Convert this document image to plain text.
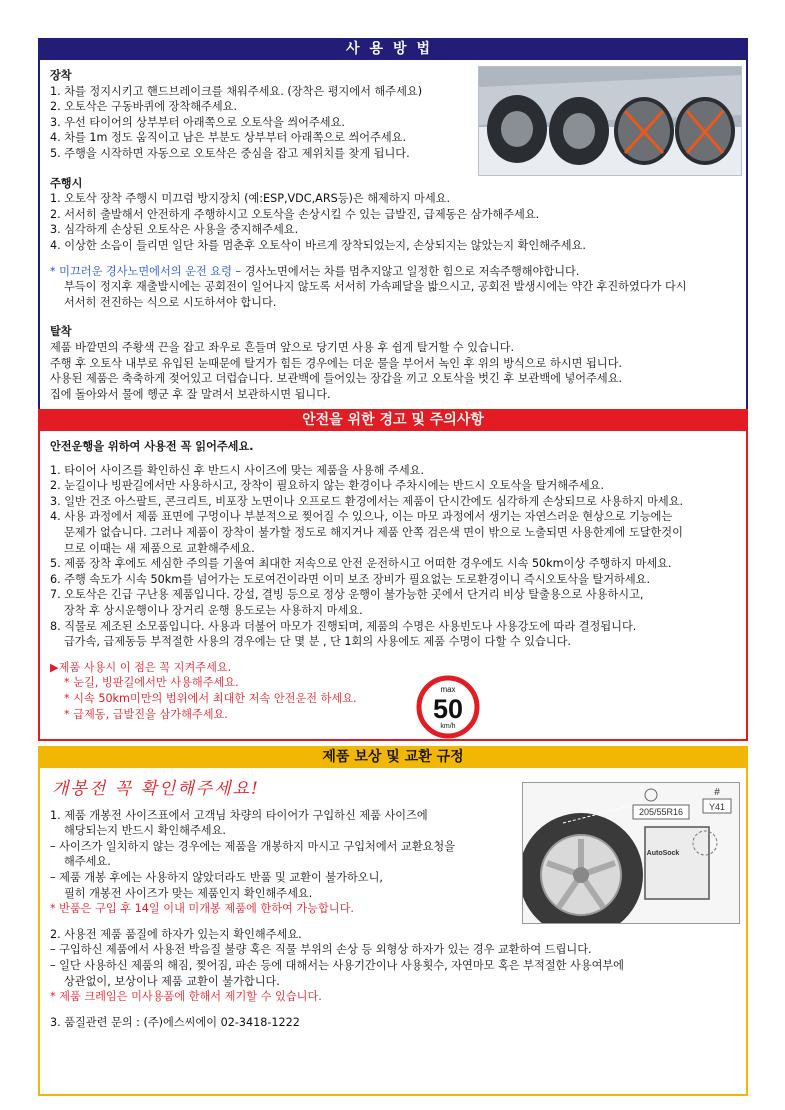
사용방법
장착
1. 차를 정지시키고 핸드브레이크를 채워주세요. (장착은 평지에서 해주세요)
2. 오토삭은 구동바퀴에 장착해주세요.
3. 우선 타이어의 상부부터 아래쪽으로 오토삭을 씌어주세요.
4. 차를 1m 정도 움직이고 남은 부분도 상부부터 아래쪽으로 씌어주세요.
5. 주행을 시작하면 자동으로 오토삭은 중심을 잡고 제위치를 찾게 됩니다.
주행시
1. 오토삭 장착 주행시 미끄럼 방지장치 (예:ESP,VDC,ARS등)은 해제하지 마세요.
2. 서서히 출발해서 안전하게 주행하시고 오토삭을 손상시킬 수 있는 급발진, 급제동은 삼가해주세요.
3. 심각하게 손상된 오토삭은 사용을 중지해주세요.
4. 이상한 소음이 들리면 일단 차를 멈춘후 오토삭이 바르게 장착되었는지, 손상되지는 않았는지 확인해주세요.
* 미끄러운 경사노면에서의 운전 요령 – 경사노면에서는 차를 멈추지않고 일정한 힘으로 저속주행해야합니다.
부득이 정지후 재출발시에는 공회전이 일어나지 않도록 서서히 가속페달을 밟으시고, 공회전 발생시에는 약간 후진하였다가 다시
서서히 전진하는 식으로 시도하셔야 합니다.
탈착
제품 바깥면의 주황색 끈을 잡고 좌우로 흔들며 앞으로 당기면 사용 후 쉽게 탈거할 수 있습니다.
주행 후 오토삭 내부로 유입된 눈때문에 탈거가 힘든 경우에는 더운 물을 부어서 녹인 후 위의 방식으로 하시면 됩니다.
사용된 제품은 축축하게 젖어있고 더럽습니다. 보관백에 들어있는 장갑을 끼고 오토삭을 벗긴 후 보관백에 넣어주세요.
집에 돌아와서 물에 헹군 후 잘 말려서 보관하시면 됩니다.
안전을 위한 경고 및 주의사항
안전운행을 위하여 사용전 꼭 읽어주세요.
1. 타이어 사이즈를 확인하신 후 반드시 사이즈에 맞는 제품을 사용해 주세요.
2. 눈길이나 빙판길에서만 사용하시고, 장착이 필요하지 않는 환경이나 주차시에는 반드시 오토삭을 탈거해주세요.
3. 일반 건조 아스팔트, 콘크리트, 비포장 노면이나 오프로드 환경에서는 제품이 단시간에도 심각하게 손상되므로 사용하지 마세요.
4. 사용 과정에서 제품 표면에 구멍이나 부분적으로 찢어질 수 있으나, 이는 마모 과정에서 생기는 자연스러운 현상으로 기능에는
문제가 없습니다. 그러나 제품이 장착이 불가할 정도로 해지거나 제품 안쪽 검은색 면이 밖으로 노출되면 사용한계에 도달한것이
므로 이때는 새 제품으로 교환해주세요.
5. 제품 장착 후에도 세심한 주의를 기울여 최대한 저속으로 안전 운전하시고 어떠한 경우에도 시속 50km이상 주행하지 마세요.
6. 주행 속도가 시속 50km를 넘어가는 도로여건이라면 이미 보조 장비가 필요없는 도로환경이니 즉시오토삭을 탈거하세요.
7. 오토삭은 긴급 구난용 제품입니다. 강설, 결빙 등으로 정상 운행이 불가능한 곳에서 단거리 비상 탈출용으로 사용하시고,
장착 후 상시운행이나 장거리 운행 용도로는 사용하지 마세요.
8. 직물로 제조된 소모품입니다. 사용과 더불어 마모가 진행되며, 제품의 수명은 사용빈도나 사용강도에 따라 결정됩니다.
급가속, 급제동등 부적절한 사용의 경우에는 단 몇 분 , 단 1회의 사용에도 제품 수명이 다할 수 있습니다.
▶제품 사용시 이 점은 꼭 지켜주세요.
* 눈길, 빙판길에서만 사용해주세요.
* 시속 50km미만의 범위에서 최대한 저속 안전운전 하세요.
* 급제동, 급발진을 삼가해주세요.
max
50
km/h
제품 보상 및 교환 규정
개봉전 꼭 확인해주세요!
1. 제품 개봉전 사이즈표에서 고객님 차량의 타이어가 구입하신 제품 사이즈에
해당되는지 반드시 확인해주세요.
– 사이즈가 일치하지 않는 경우에는 제품을 개봉하지 마시고 구입처에서 교환요청을
해주세요.
– 제품 개봉 후에는 사용하지 않았더라도 반품 및 교환이 불가하오니,
필히 개봉전 사이즈가 맞는 제품인지 확인해주세요.
* 반품은 구입 후 14일 이내 미개봉 제품에 한하여 가능합니다.
2. 사용전 제품 품질에 하자가 있는지 확인해주세요.
– 구입하신 제품에서 사용전 박음질 불량 혹은 직물 부위의 손상 등 외형상 하자가 있는 경우 교환하여 드립니다.
– 일단 사용하신 제품의 해짐, 찢어짐, 파손 등에 대해서는 사용기간이나 사용횟수, 자연마모 혹은 부적절한 사용여부에
상관없이, 보상이나 제품 교환이 불가합니다.
* 제품 크레임은 미사용품에 한해서 제기할 수 있습니다.
3. 품질관련 문의 : (주)에스씨에이 02-3418-1222
205/55R16
#
Y41
AutoSock
